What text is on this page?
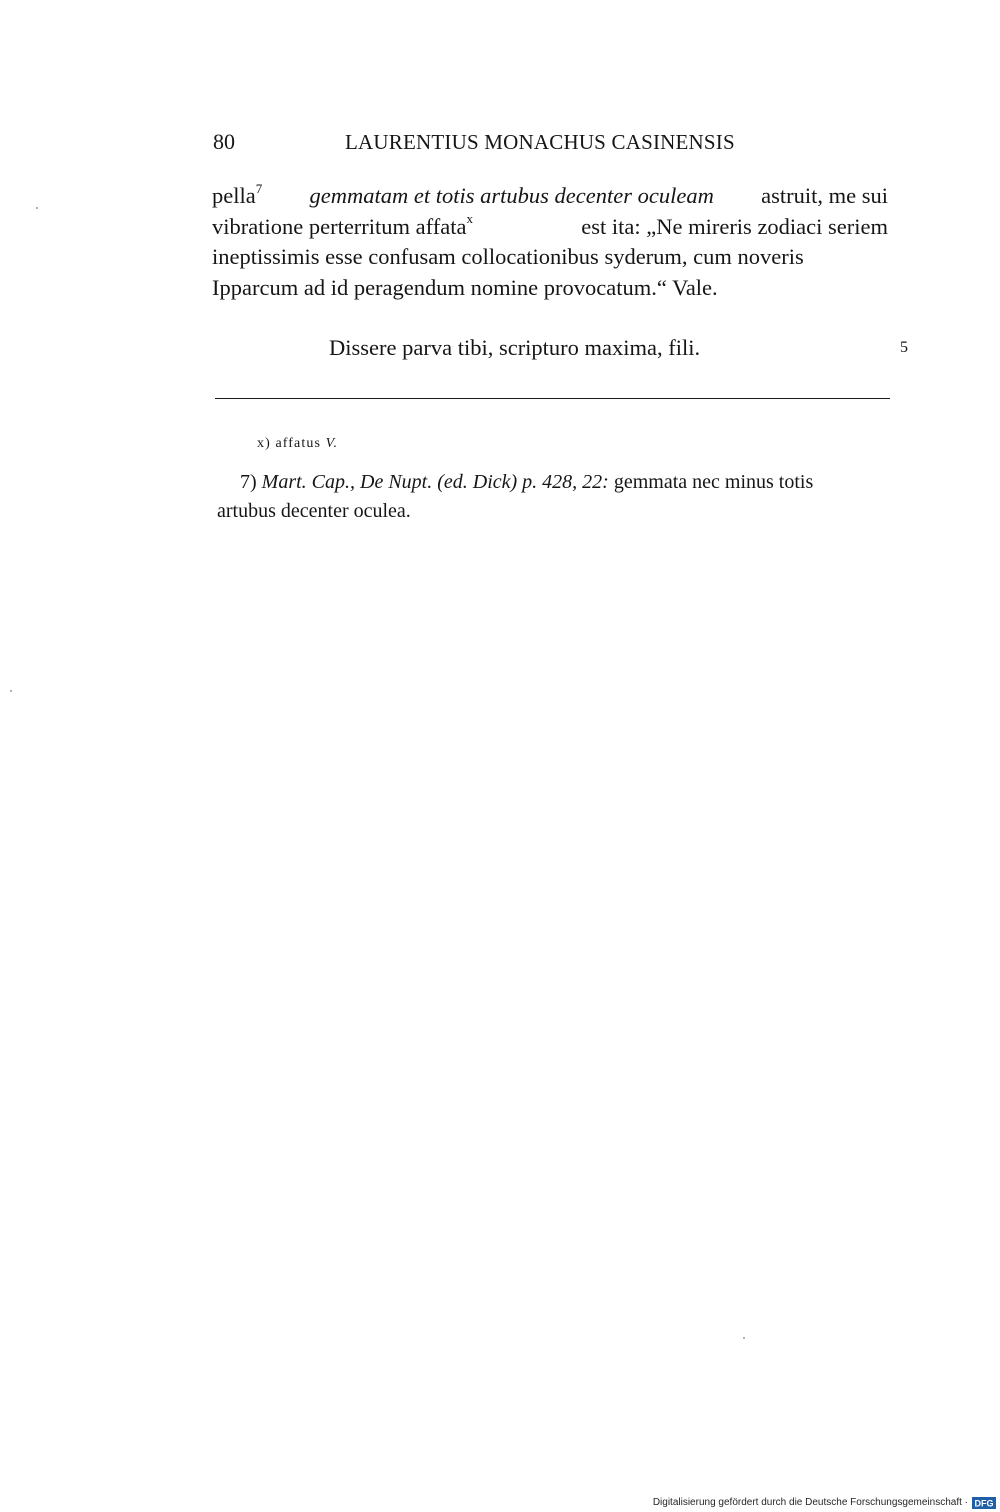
80	LAURENTIUS MONACHUS CASINENSIS
pella$^7$ gemmatam et totis artubus decenter oculeam astruit, me sui
vibratione perterritum affata$^x$	est ita: „Ne mireris zodiaci seriem
ineptissimis esse confusam collocationibus syderum, cum noveris
Ipparcum ad id peragendum nomine provocatum.“ Vale.
Dissere parva tibi, scripturo maxima, fili.	5
x) affatus V.
7) Mart. Cap., De Nupt. (ed. Dick) p. 428, 22: gemmata nec minus totis
artubus decenter oculea.
Digitalisierung gefördert durch die Deutsche Forschungsgemeinschaft · DFG
